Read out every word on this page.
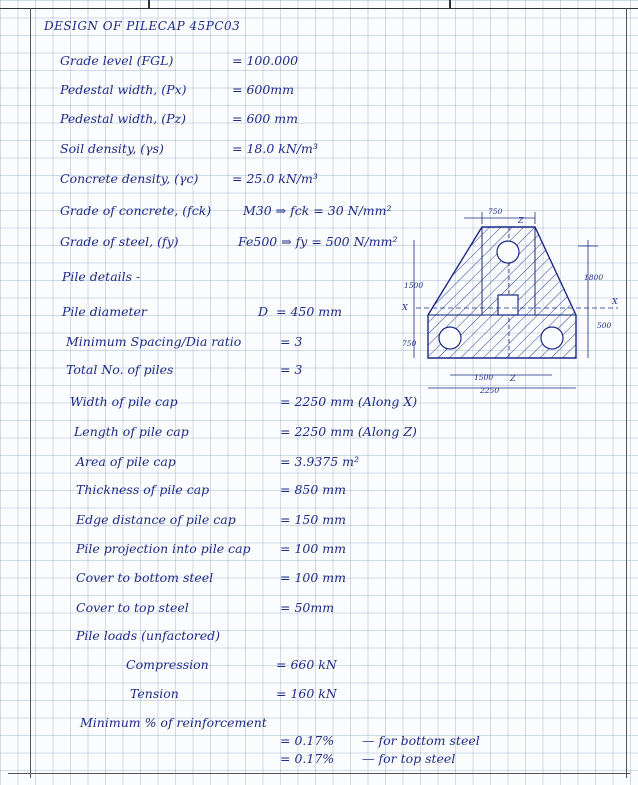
DESIGN OF PILECAP 45PC03
Grade level (FGL)	= 100.000
Pedestal width, (Px)	= 600mm
Pedestal width, (Pz)	= 600 mm
Soil density, (γs)	= 18.0 kN/m³
Concrete density, (γc)	= 25.0 kN/m³
Grade of concrete, (fck)	M30 ⇒ fck = 30 N/mm²
Grade of steel, (fy)	Fe500 ⇒ fy = 500 N/mm²
Pile details -
Pile diameter	D = 450 mm
Minimum Spacing/Dia ratio	= 3
Total No. of piles	= 3
Width of pile cap	= 2250 mm (Along X)
Length of pile cap	= 2250 mm (Along Z)
Area of pile cap	= 3.9375 m²
Thickness of pile cap	= 850 mm
Edge distance of pile cap	= 150 mm
Pile projection into pile cap = 100 mm
Cover to bottom steel	= 100 mm
Cover to top steel	= 50mm
Pile loads (unfactored)
Compression	= 660 kN
Tension	= 160 kN
Minimum % of reinforcement
= 0.17% — for bottom steel
= 0.17% — for top steel
750
Z
1500
750
X
1800
500
X
1500 Z
2250
